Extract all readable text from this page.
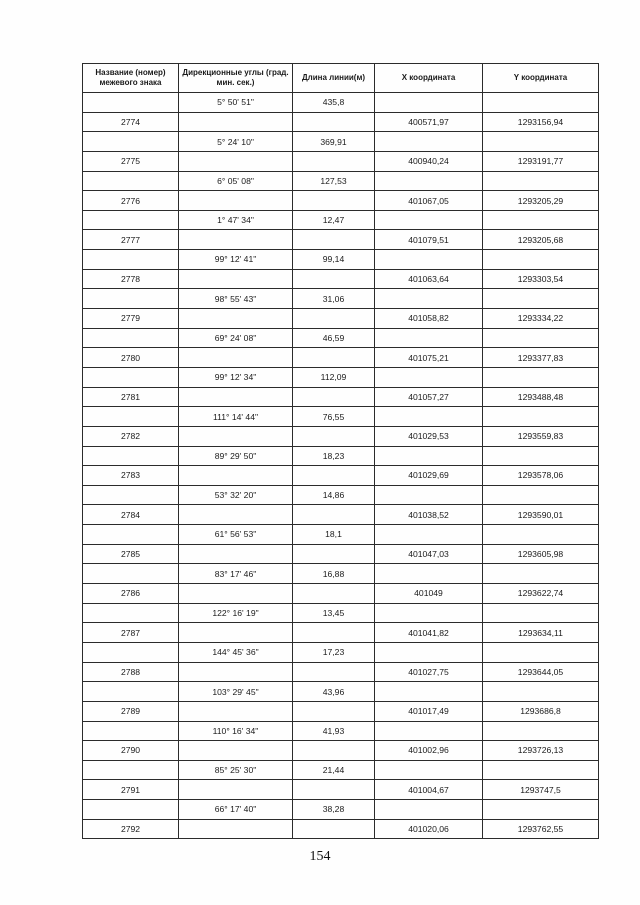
Название (номер) межевого знака	Дирекционные углы (град. мин. сек.)	Длина линии(м)	X координата	Y координата
	5° 50' 51"	435,8		
2774			400571,97	1293156,94
	5° 24' 10"	369,91		
2775			400940,24	1293191,77
	6° 05' 08"	127,53		
2776			401067,05	1293205,29
	1° 47' 34"	12,47		
2777			401079,51	1293205,68
	99° 12' 41"	99,14		
2778			401063,64	1293303,54
	98° 55' 43"	31,06		
2779			401058,82	1293334,22
	69° 24' 08"	46,59		
2780			401075,21	1293377,83
	99° 12' 34"	112,09		
2781			401057,27	1293488,48
	111° 14' 44"	76,55		
2782			401029,53	1293559,83
	89° 29' 50"	18,23		
2783			401029,69	1293578,06
	53° 32' 20"	14,86		
2784			401038,52	1293590,01
	61° 56' 53"	18,1		
2785			401047,03	1293605,98
	83° 17' 46"	16,88		
2786			401049	1293622,74
	122° 16' 19"	13,45		
2787			401041,82	1293634,11
	144° 45' 36"	17,23		
2788			401027,75	1293644,05
	103° 29' 45"	43,96		
2789			401017,49	1293686,8
	110° 16' 34"	41,93		
2790			401002,96	1293726,13
	85° 25' 30"	21,44		
2791			401004,67	1293747,5
	66° 17' 40"	38,28		
2792			401020,06	1293762,55
154
